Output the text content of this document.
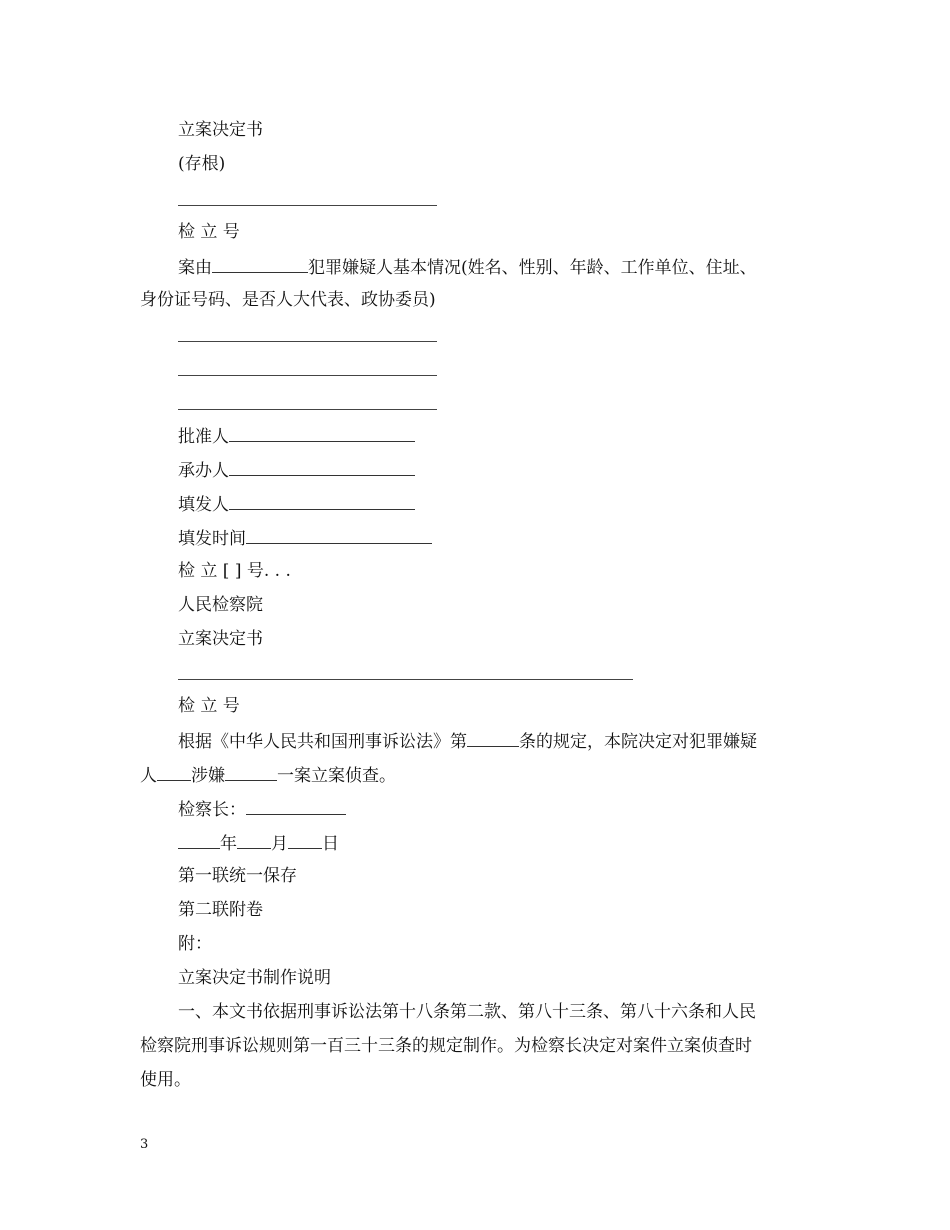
立案决定书
(存根)
检 立 号
案由	犯罪嫌疑人基本情况(姓名、性别、年龄、工作单位、住址、
身份证号码、是否人大代表、政协委员)
批准人
承办人
填发人
填发时间
检 立 [ ] 号. . .
人民检察院
立案决定书
检 立 号
根据《中华人民共和国刑事诉讼法》第	条的规定，本院决定对犯罪嫌疑
人 涉嫌	一案立案侦查。
检察长：
年 月 日
第一联统一保存
第二联附卷
附：
立案决定书制作说明
一、本文书依据刑事诉讼法第十八条第二款、第八十三条、第八十六条和人民
检察院刑事诉讼规则第一百三十三条的规定制作。为检察长决定对案件立案侦查时
使用。
3
